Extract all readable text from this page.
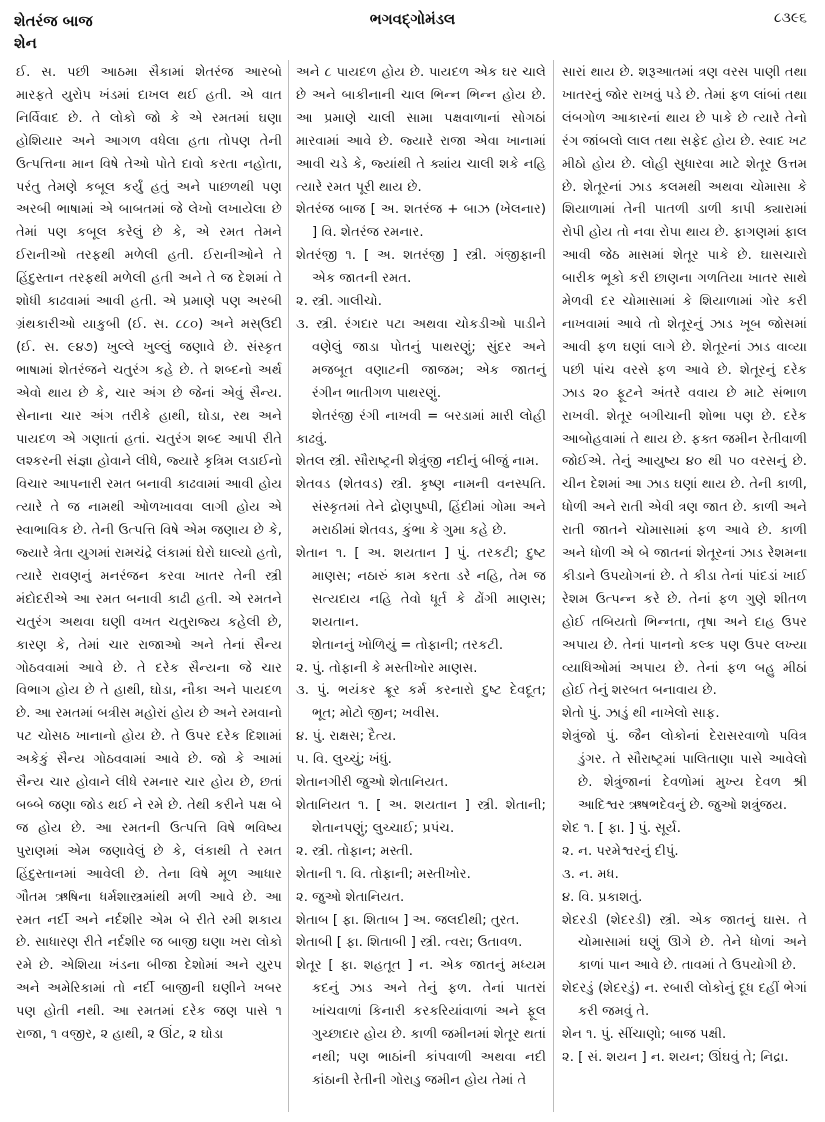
શેતરંજ બાજ
શેન
ભગવદ્ગોમંડલ	૮૩૯૬

ઈ. સ. પછી આઠમા સૈકામાં શેતરંજ આરબો મારફતે યુરોપ ખંડમાં દાખલ થઈ હતી. એ વાત નિર્વિવાદ છે. તે લોકો જો કે એ રમતમાં ઘણા હોશિયાર અને આગળ વધેલા હતા તોપણ તેની ઉત્પત્તિના માન વિષે તેઓ પોતે દાવો કરતા નહોતા, પરંતુ તેમણે કબૂલ કર્યું હતું અને પાછળથી પણ અરબી ભાષામાં એ બાબતમાં જે લેખો લખાયેલા છે તેમાં પણ કબૂલ કરેલું છે કે, એ રમત તેમને ઈરાનીઓ તરફથી મળેલી હતી. ઈરાનીઓને તે હિંદુસ્તાન તરફથી મળેલી હતી અને તે જ દેશમાં તે શોધી કાઢવામાં આવી હતી. એ પ્રમાણે પણ અરબી ગ્રંથકારીઓ યાકુબી (ઈ. સ. ૮૮૦) અને મસ્ઉદી (ઈ. સ. ૯૪૭) ખુલ્લે ખુલ્લું જણાવે છે. સંસ્કૃત ભાષામાં શેતરંજને ચતુરંગ કહે છે. તે શબ્દનો અર્થ એવો થાય છે કે, ચાર અંગ છે જેનાં એવું સૈન્ય. સેનાના ચાર અંગ તરીકે હાથી, ઘોડા, રથ અને પાયદળ એ ગણાતાં હતાં. ચતુરંગ શબ્દ આપી રીતે લશ્કરની સંજ્ઞા હોવાને લીધે, જ્યારે કૃત્રિમ લડાઈનો વિચાર આપનારી રમત બનાવી કાઢવામાં આવી હોય ત્યારે તે જ નામથી ઓળખાવવા લાગી હોય એ સ્વાભાવિક છે. તેની ઉત્પત્તિ વિષે એમ જણાય છે કે, જ્યારે ત્રેતા યુગમાં રામચંદ્રે લંકામાં ઘેરો ઘાલ્યો હતો, ત્યારે રાવણનું મનરંજન કરવા ખાતર તેની સ્ત્રી મંદોદરીએ આ રમત બનાવી કાઢી હતી. એ રમતને ચતુરંગ અથવા ઘણી વખત ચતુરાજ્ય કહેલી છે, કારણ કે, તેમાં ચાર રાજાઓ અને તેનાં સૈન્ય ગોઠવવામાં આવે છે. તે દરેક સૈન્યના જે ચાર વિભાગ હોય છે તે હાથી, ઘોડા, નૌકા અને પાયદળ છે. આ રમતમાં બત્રીસ મહોરાં હોય છે અને રમવાનો પટ ચોસઠ ખાનાનો હોય છે. તે ઉપર દરેક દિશામાં અકેકું સૈન્ય ગોઠવવામાં આવે છે. જો કે આમાં સૈન્ય ચાર હોવાને લીધે રમનાર ચાર હોય છે, છતાં બબ્બે જણા જોડ થઈ ને રમે છે. તેથી કરીને પક્ષ બે જ હોય છે. આ રમતની ઉત્પત્તિ વિષે ભવિષ્ય પુરાણમાં એમ જણાવેલું છે કે, લંકાથી તે રમત હિંદુસ્તાનમાં આવેલી છે. તેના વિષે મૂળ આધાર ગૌતમ ઋષિના ધર્મશાસ્ત્રમાંથી મળી આવે છે. આ રમત નર્દી અને નર્દશીર એમ બે રીતે રમી શકાય છે. સાધારણ રીતે નર્દશીર જ બાજી ઘણા ખરા લોકો રમે છે. એશિયા ખંડના બીજા દેશોમાં અને યુરપ અને અમેરિકામાં તો નર્દી બાજીની ઘણીને ખબર પણ હોતી નથી. આ રમતમાં દરેક જણ પાસે ૧ રાજા, ૧ વજીર, ૨ હાથી, ૨ ઊંટ, ૨ ઘોડા

અને ૮ પાયદળ હોય છે. પાયદળ એક ઘર ચાલે છે અને બાકીનાની ચાલ ભિન્ન ભિન્ન હોય છે. આ પ્રમાણે ચાલી સામા પક્ષવાળાનાં સોગઠાં મારવામાં આવે છે. જ્યારે રાજા એવા ખાનામાં આવી ચડે કે, જ્યાંથી તે ક્યાંય ચાલી શકે નહિ ત્યારે રમત પૂરી થાય છે.

શેતરંજ બાજ [ અ. શતરંજ + બાઝ (ખેલનાર) ] વિ. શેતરંજ રમનાર.

શેતરંજી ૧. [ અ. શતરંજી ] સ્ત્રી. ગંજીફાની એક જાતની રમત.

૨. સ્ત્રી. ગાલીચો.

૩. સ્ત્રી. રંગદાર પટા અથવા ચોકડીઓ પાડીને વણેલું જાડા પોતનું પાથરણું; સુંદર અને મજબૂત વણાટની જાજમ; એક જાતનું રંગીન ભાતીગળ પાથરણું.

શેતરંજી રંગી નાખવી = બરડામાં મારી લોહી કાઢવું.

શેતલ સ્ત્રી. સૌરાષ્ટ્રની શેત્રુંજી નદીનું બીજું નામ.

શેતવડ (શેતવડ) સ્ત્રી. કૃષ્ણ નામની વનસ્પતિ. સંસ્કૃતમાં તેને દ્રોણપુષ્પી, હિંદીમાં ગોમા અને મરાઠીમાં શેતવડ, કુંભા કે ગુમા કહે છે.

શેતાન ૧. [ અ. શયતાન ] પું. તરકટી; દુષ્ટ માણસ; નઠારું કામ કરતા ડરે નહિ, તેમ જ સત્યદાય નહિ તેવો ધૂર્ત કે ઢોંગી માણસ; શયતાન.

શેતાનનું ખોળિયું = તોફાની; તરકટી.

૨. પું. તોફાની કે મસ્તીખોર માણસ.

૩. પું. ભયંકર ક્રૂર કર્મ કરનારો દુષ્ટ દેવદૂત; ભૂત; મોટો જીન; ખવીસ.

૪. પું. રાક્ષસ; દૈત્ય.

૫. વિ. લુચ્ચું; ખંધું.

શેતાનગીરી જુઓ શેતાનિયત.

શેતાનિયત ૧. [ અ. શયતાન ] સ્ત્રી. શેતાની; શેતાનપણું; લુચ્ચાઈ; પ્રપંચ.

૨. સ્ત્રી. તોફાન; મસ્તી.

શેતાની ૧. વિ. તોફાની; મસ્તીખોર.

૨. જુઓ શેતાનિયત.

શેતાબ [ ફા. શિતાબ ] અ. જલદીથી; તુરત.

શેતાબી [ ફા. શિતાબી ] સ્ત્રી. ત્વરા; ઉતાવળ.

શેતૂર [ ફા. શહતૂત ] ન. એક જાતનું મધ્યમ કદનું ઝાડ અને તેનું ફળ. તેનાં પાતરાં ખાંચવાળાં કિનારી કરકરિયાંવાળાં અને ફૂલ ગુચ્છાદાર હોય છે. કાળી જમીનમાં શેતૂર થતાં નથી; પણ ભાઠાંની કાંપવાળી અથવા નદી કાંઠાની રેતીની ગોરાડુ જમીન હોય તેમાં તે

સારાં થાય છે. શરૂઆતમાં ત્રણ વરસ પાણી તથા ખાતરનું જોર રાખવું પડે છે. તેમાં ફળ લાંબાં તથા લંબગોળ આકારનાં થાય છે પાકે છે ત્યારે તેનો રંગ જાંબલો લાલ તથા સફેદ હોય છે. સ્વાદ ખટ મીઠો હોય છે. લોહી સુધારવા માટે શેતૂર ઉત્તમ છે. શેતૂરનાં ઝાડ કલમથી અથવા ચોમાસા કે શિયાળામાં તેની પાતળી ડાળી કાપી ક્યારામાં રોપી હોય તો નવા રોપા થાય છે. ફાગણમાં ફાલ આવી જેઠ માસમાં શેતૂર પાકે છે. ઘાસચારો બારીક ભૂકો કરી છાણના ગળતિયા ખાતર સાથે મેળવી દર ચોમાસામાં કે શિયાળામાં ગોર કરી નાખવામાં આવે તો શેતૂરનું ઝાડ ખૂબ જોસમાં આવી ફળ ઘણાં લાગે છે. શેતૂરનાં ઝાડ વાવ્યા પછી પાંચ વરસે ફળ આવે છે. શેતૂરનું દરેક ઝાડ ૨૦ ફૂટને અંતરે વવાય છે માટે સંભાળ રાખવી. શેતૂર બગીચાની શોભા પણ છે. દરેક આબોહવામાં તે થાય છે. ફક્ત જમીન રેતીવાળી જોઈએ. તેનું આયુષ્ય ૪૦ થી ૫૦ વરસનું છે. ચીન દેશમાં આ ઝાડ ઘણાં થાય છે. તેની કાળી, ધોળી અને રાતી એવી ત્રણ જાત છે. કાળી અને રાતી જાતને ચોમાસામાં ફળ આવે છે. કાળી અને ધોળી એ બે જાતનાં શેતૂરનાં ઝાડ રેશમના કીડાને ઉપયોગનાં છે. તે કીડા તેનાં પાંદડાં ખાઈ રેશમ ઉત્પન્ન કરે છે. તેનાં ફળ ગુણે શીતળ હોઈ તબિયતો ભિન્નતા, તૃષા અને દાહ ઉપર અપાય છે. તેનાં પાનનો કલ્ક પણ ઉપર લખ્યા વ્યાધિઓમાં અપાય છે. તેનાં ફળ બહુ મીઠાં હોઈ તેનું શરબત બનાવાય છે.

શેતો પું. ઝાડું થી નાખેલો સાફ.

શેત્રુંજો પું. જૈન લોકોનાં દેરાસરવાળો પવિત્ર ડુંગર. તે સૌરાષ્ટ્રમાં પાલિતાણા પાસે આવેલો છે. શેત્રુંજાનાં દેવળોમાં મુખ્ય દેવળ શ્રી આદિશ્વર ઋષભદેવનું છે. જુઓ શત્રુંજય.

શેદ ૧. [ ફા. ] પું. સૂર્ય.

૨. ન. પરમેશ્વરનું દીપું.

૩. ન. મધ.

૪. વિ. પ્રકાશતું.

શેદરડી (શેદરડી) સ્ત્રી. એક જાતનું ઘાસ. તે ચોમાસામાં ઘણું ઊગે છે. તેને ધોળાં અને કાળાં પાન આવે છે. તાવમાં તે ઉપયોગી છે.

શેદરડું (શેદરડું) ન. રબારી લોકોનું દૂધ દહીં ભેગાં કરી જમવું તે.

શેન ૧. પું. સીંચાણો; બાજ પક્ષી.

૨. [ સં. શયન ] ન. શયન; ઊંઘવું તે; નિદ્રા.
